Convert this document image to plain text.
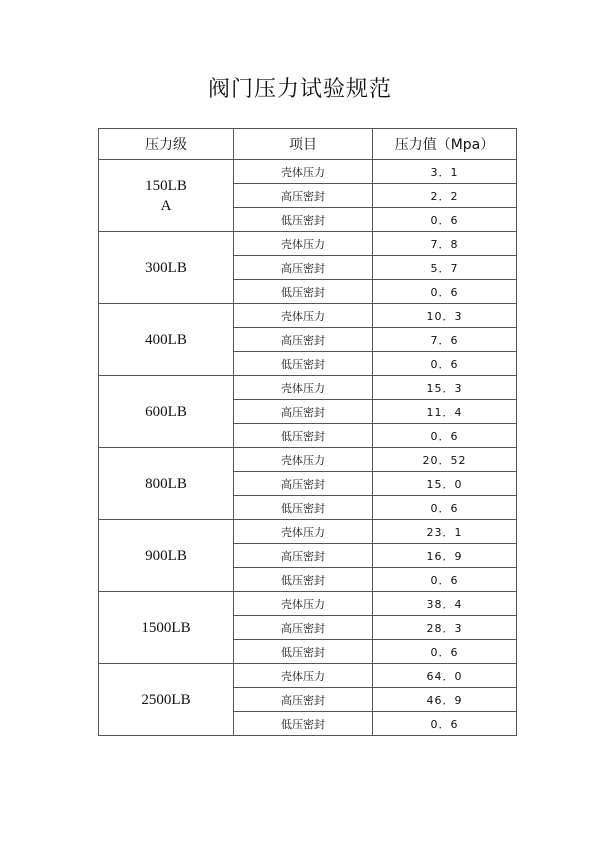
阀门压力试验规范
压力级	项目	压力值（Mpa）

150LB
A	壳体压力	3．1
	高压密封	2．2
	低压密封	0．6

300LB	壳体压力	7．8
	高压密封	5．7
	低压密封	0．6

400LB	壳体压力	10．3
	高压密封	7．6
	低压密封	0．6

600LB	壳体压力	15．3
	高压密封	11．4
	低压密封	0．6

800LB	壳体压力	20．52
	高压密封	15．0
	低压密封	0．6

900LB	壳体压力	23．1
	高压密封	16．9
	低压密封	0．6

1500LB	壳体压力	38．4
	高压密封	28．3
	低压密封	0．6

2500LB	壳体压力	64．0
	高压密封	46．9
	低压密封	0．6
